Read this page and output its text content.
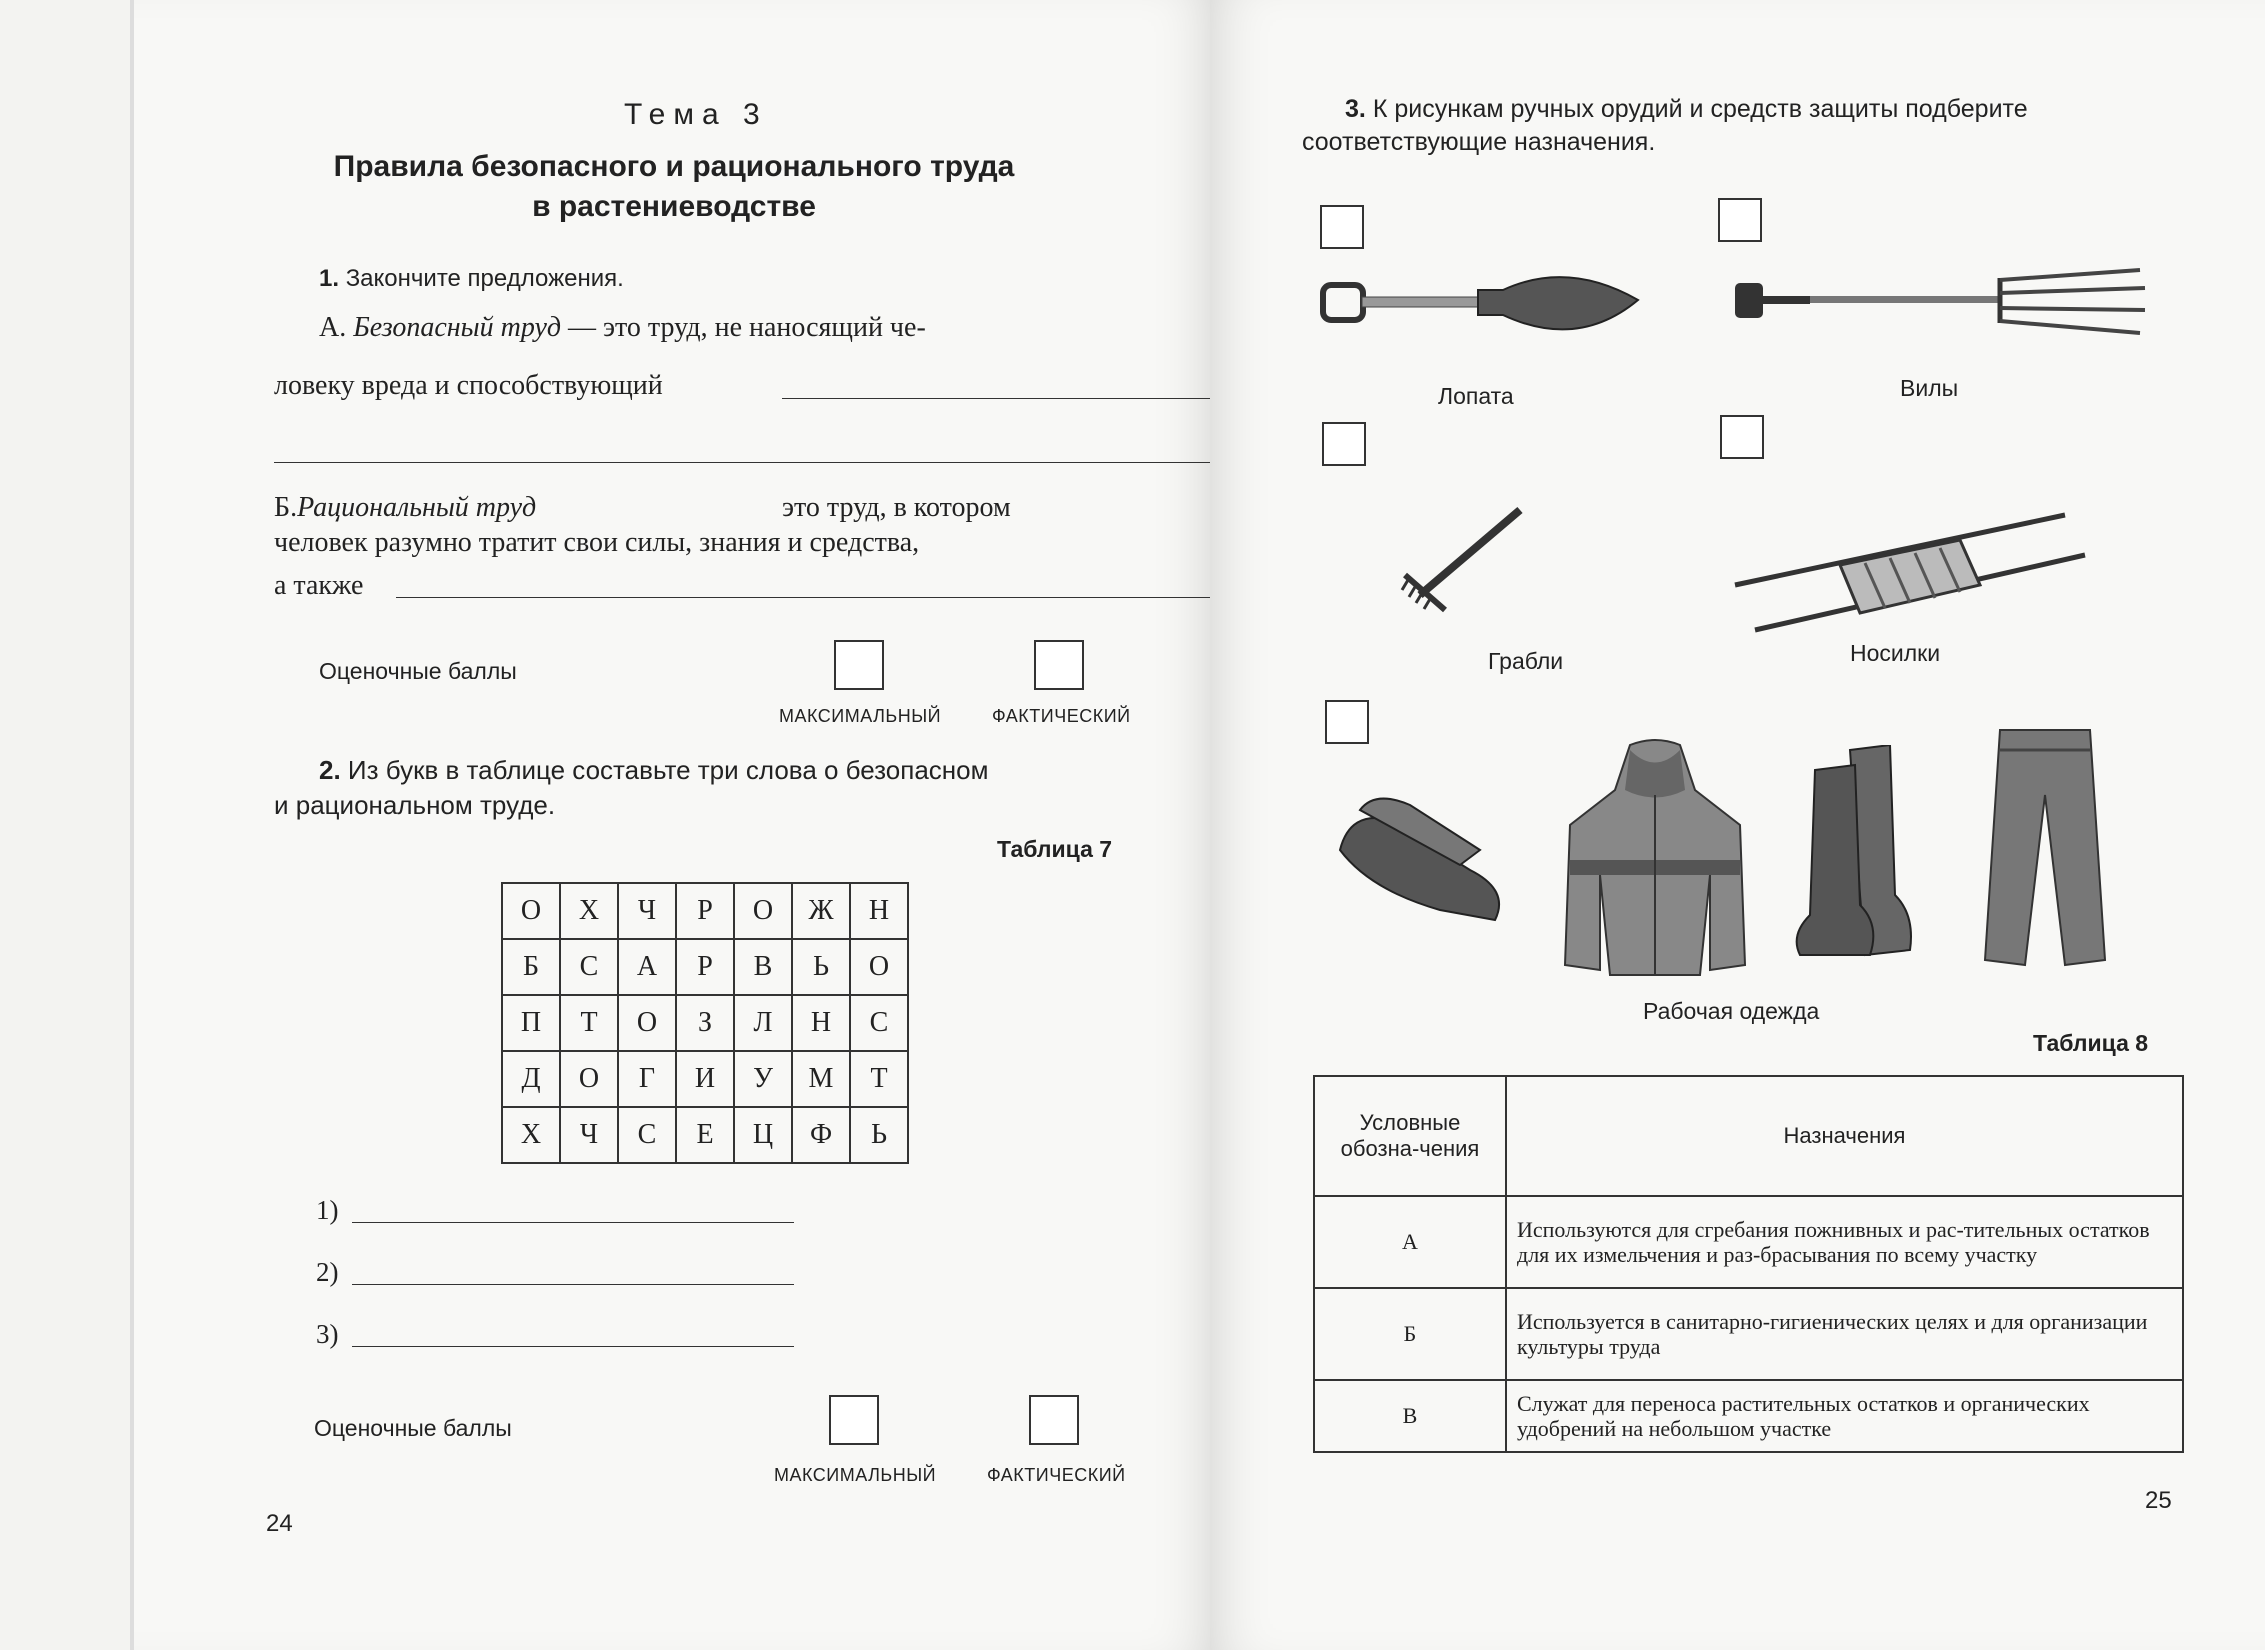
Тема 3
Правила безопасного и рационального труда
в растениеводстве
1. Закончите предложения.
А. Безопасный труд — это труд, не наносящий че-
ловеку вреда и способствующий
Б.Рациональный труд	это труд, в котором
человек разумно тратит свои силы, знания и средства,
а также
Оценочные баллы
МАКСИМАЛЬНЫЙ	ФАКТИЧЕСКИЙ
2. Из букв в таблице составьте три слова о безопасном
и рациональном труде.
Таблица 7
О	Х	Ч	Р	О	Ж	Н
Б	С	А	Р	В	Ь	О
П	Т	О	З	Л	Н	С
Д	О	Г	И	У	М	Т
Х	Ч	С	Е	Ц	Ф	Ь
1)
2)
3)
Оценочные баллы
МАКСИМАЛЬНЫЙ	ФАКТИЧЕСКИЙ
24
3. К рисункам ручных орудий и средств защиты подберите
соответствующие назначения.
Лопата	Вилы
Грабли	Носилки
Рабочая одежда
Таблица 8
Условные обозна-чения	Назначения
А	Используются для сгребания пожнивных и рас-тительных остатков для их измельчения и раз-брасывания по всему участку
Б	Используется в санитарно-гигиенических целях и для организации культуры труда
В	Служат для переноса растительных остатков и органических удобрений на небольшом участке
25
